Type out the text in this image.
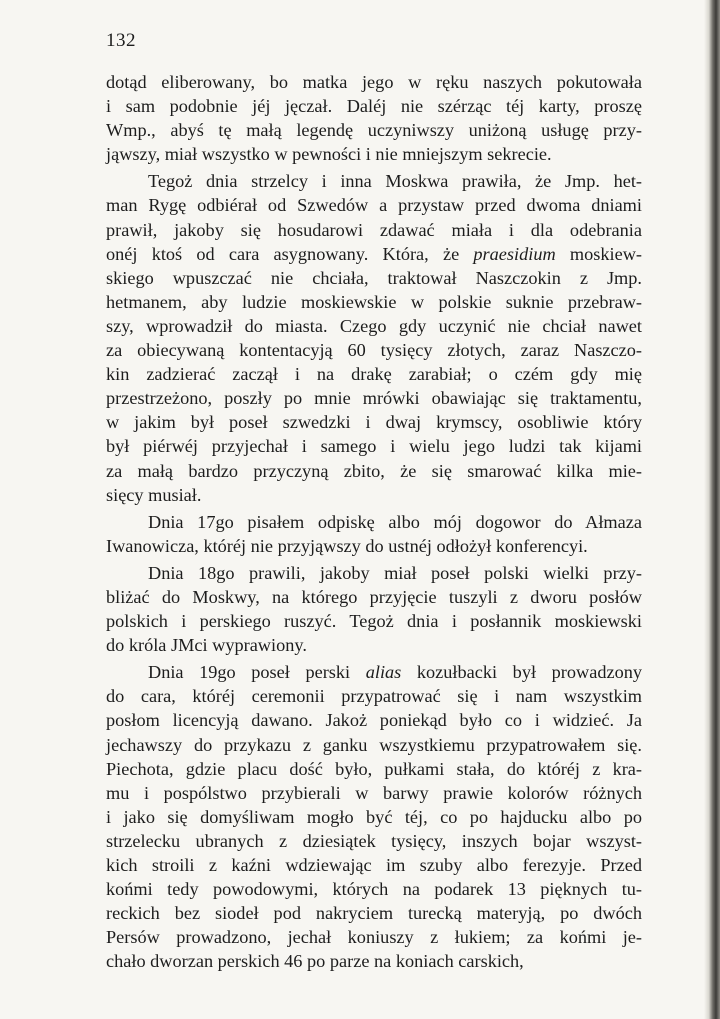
132
dotąd eliberowany, bo matka jego w ręku naszych pokutowała
i sam podobnie jéj jęczał. Daléj nie szérząc téj karty, proszę
Wmp., abyś tę małą legendę uczyniwszy uniżoną usługę przy-
jąwszy, miał wszystko w pewności i nie mniejszym sekrecie.
Tegoż dnia strzelcy i inna Moskwa prawiła, że Jmp. het-
man Rygę odbiérał od Szwedów a przystaw przed dwoma dniami
prawił, jakoby się hosudarowi zdawać miała i dla odebrania
onéj ktoś od cara asygnowany. Która, że praesidium moskiew-
skiego wpuszczać nie chciała, traktował Naszczokin z Jmp.
hetmanem, aby ludzie moskiewskie w polskie suknie przebraw-
szy, wprowadził do miasta. Czego gdy uczynić nie chciał nawet
za obiecywaną kontentacyją 60 tysięcy złotych, zaraz Naszczo-
kin zadzierać zaczął i na drakę zarabiał; o czém gdy mię
przestrzeżono, poszły po mnie mrówki obawiając się traktamentu,
w jakim był poseł szwedzki i dwaj krymscy, osobliwie który
był piérwéj przyjechał i samego i wielu jego ludzi tak kijami
za małą bardzo przyczyną zbito, że się smarować kilka mie-
sięcy musiał.
Dnia 17go pisałem odpiskę albo mój dogowor do Ałmaza
Iwanowicza, któréj nie przyjąwszy do ustnéj odłożył konferencyi.
Dnia 18go prawili, jakoby miał poseł polski wielki przy-
bliżać do Moskwy, na którego przyjęcie tuszyli z dworu posłów
polskich i perskiego ruszyć. Tegoż dnia i posłannik moskiewski
do króla JMci wyprawiony.
Dnia 19go poseł perski alias kozułbacki był prowadzony
do cara, któréj ceremonii przypatrować się i nam wszystkim
posłom licencyją dawano. Jakoż poniekąd było co i widzieć. Ja
jechawszy do przykazu z ganku wszystkiemu przypatrowałem się.
Piechota, gdzie placu dość było, pułkami stała, do któréj z kra-
mu i pospólstwo przybierali w barwy prawie kolorów różnych
i jako się domyśliwam mogło być téj, co po hajducku albo po
strzelecku ubranych z dziesiątek tysięcy, inszych bojar wszyst-
kich stroili z kaźni wdziewając im szuby albo ferezyje. Przed
końmi tedy powodowymi, których na podarek 13 pięknych tu-
reckich bez siodeł pod nakryciem turecką materyją, po dwóch
Persów prowadzono, jechał koniuszy z łukiem; za końmi je-
chało dworzan perskich 46 po parze na koniach carskich,
